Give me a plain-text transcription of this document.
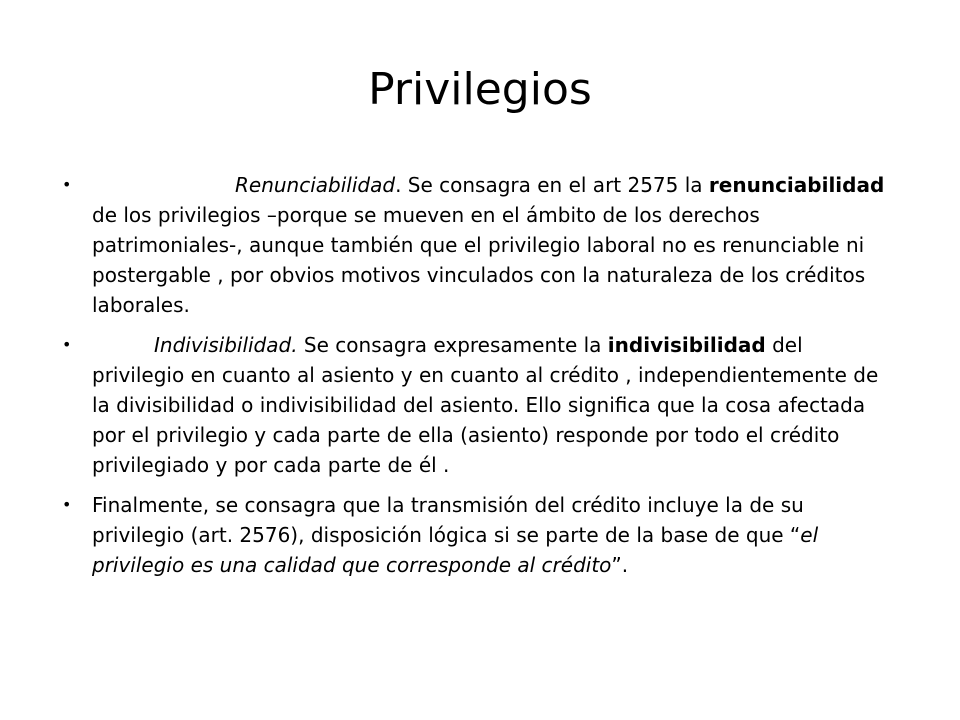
Privilegios
•	Renunciabilidad. Se consagra en el art 2575 la renunciabilidad de los privilegios –porque se mueven en el ámbito de los derechos patrimoniales-, aunque también que el privilegio laboral no es renunciable ni postergable , por obvios motivos vinculados con la naturaleza de los créditos laborales.
•	Indivisibilidad. Se consagra expresamente la indivisibilidad del privilegio en cuanto al asiento y en cuanto al crédito , independientemente de la divisibilidad o indivisibilidad del asiento. Ello significa que la cosa afectada por el privilegio y cada parte de ella (asiento) responde por todo el crédito privilegiado y por cada parte de él .
• Finalmente, se consagra que la transmisión del crédito incluye la de su privilegio (art. 2576), disposición lógica si se parte de la base de que “el privilegio es una calidad que corresponde al crédito”.
